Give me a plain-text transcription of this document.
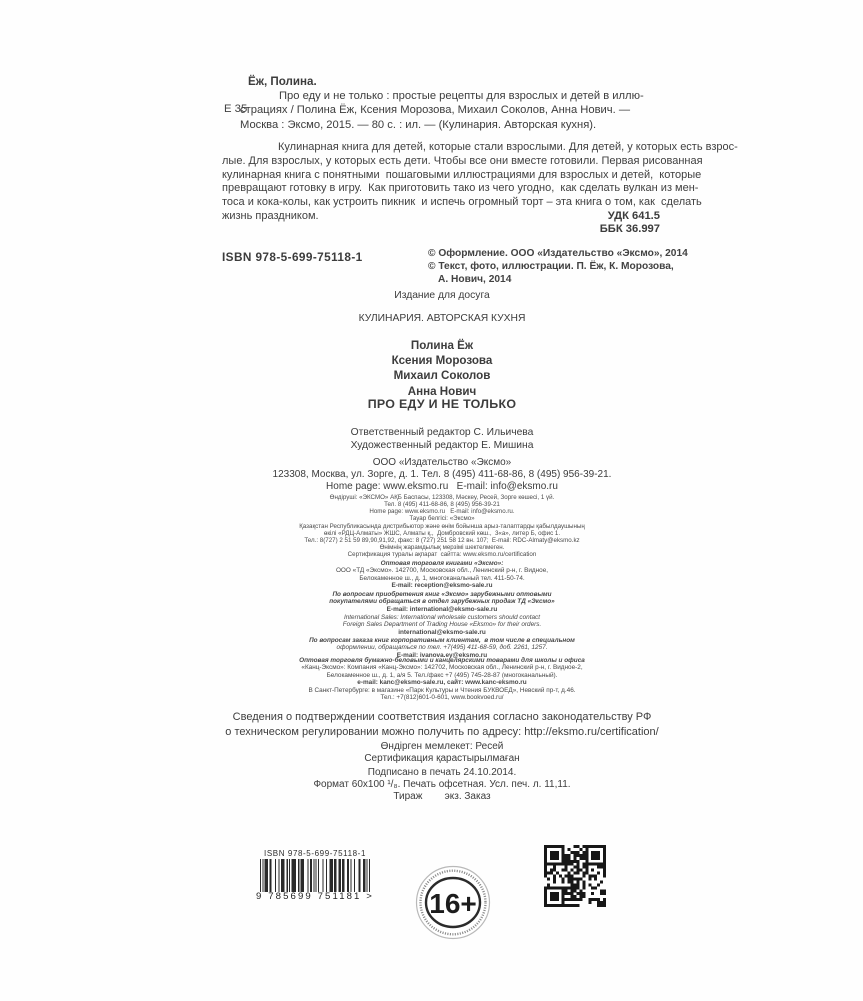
Е 35
Ёж, Полина.
Про еду и не только : простые рецепты для взрослых и детей в иллю-
страциях / Полина Ёж, Ксения Морозова, Михаил Соколов, Анна Нович. —
Москва : Эксмо, 2015. — 80 с. : ил. — (Кулинария. Авторская кухня).
Кулинарная книга для детей, которые стали взрослыми. Для детей, у которых есть взрос-
лые. Для взрослых, у которых есть дети. Чтобы все они вместе готовили. Первая рисованная
кулинарная книга с понятными  пошаговыми иллюстрациями для взрослых и детей,  которые
превращают готовку в игру.  Как приготовить тако из чего угодно,  как сделать вулкан из мен-
тоса и кока-колы, как устроить пикник  и испечь огромный торт – эта книга о том, как  сделать
жизнь праздником.	УДК 641.5
ББК 36.997
ISBN 978-5-699-75118-1	© Оформление. ООО «Издательство «Эксмо», 2014
© Текст, фото, иллюстрации. П. Ёж, К. Морозова,
А. Нович, 2014
Издание для досуга
КУЛИНАРИЯ. АВТОРСКАЯ КУХНЯ
Полина Ёж
Ксения Морозова
Михаил Соколов
Анна Нович
ПРО ЕДУ И НЕ ТОЛЬКО
Ответственный редактор С. Ильичева
Художественный редактор Е. Мишина
ООО «Издательство «Эксмо»
123308, Москва, ул. Зорге, д. 1. Тел. 8 (495) 411-68-86, 8 (495) 956-39-21.
Home page: www.eksmo.ru   E-mail: info@eksmo.ru
Өндіруші: «ЭКСМО» АҚБ Баспасы, 123308, Мәскеу, Ресей, Зорге көшесі, 1 үй.
Тел. 8 (495) 411-68-86, 8 (495) 956-39-21
Home page: www.eksmo.ru   E-mail: info@eksmo.ru.
Тауар белгісі: «Эксмо»
Қазақстан Республикасында дистрибьютор және өнім бойынша арыз-талаптарды қабылдаушының
өкілі «РДЦ-Алматы» ЖШС, Алматы қ.,  Домбровский көш.,  3«а», литер Б, офис 1.
Тел.: 8(727) 2 51 59 89,90,91,92, факс: 8 (727) 251 58 12 вн. 107;  E-mail: RDC-Almaty@eksmo.kz
Өнімнің жарамдылық мерзімі шектелмеген.
Сертификация туралы ақпарат  сайтта: www.eksmo.ru/certification
Оптовая торговля книгами «Эксмо»:
ООО «ТД «Эксмо». 142700, Московская обл., Ленинский р-н, г. Видное,
Белокаменное ш., д. 1, многоканальный тел. 411-50-74.
E-mail: reception@eksmo-sale.ru
По вопросам приобретения книг «Эксмо» зарубежными оптовыми
покупателями обращаться в отдел зарубежных продаж ТД «Эксмо»
E-mail: international@eksmo-sale.ru
International Sales: International wholesale customers should contact
Foreign Sales Department of Trading House «Eksmo» for their orders.
international@eksmo-sale.ru
По вопросам заказа книг корпоративным клиентам,  в том числе в специальном
оформлении, обращаться по тел. +7(495) 411-68-59, доб. 2261, 1257.
E-mail: ivanova.ey@eksmo.ru
Оптовая торговля бумажно-беловыми и канцелярскими товарами для школы и офиса
«Канц-Эксмо»: Компания «Канц-Эксмо»: 142702, Московская обл., Ленинский р-н, г. Видное-2,
Белокаменное ш., д. 1, а/я 5. Тел./факс +7 (495) 745-28-87 (многоканальный).
e-mail: kanc@eksmo-sale.ru, сайт: www.kanc-eksmo.ru
В Санкт-Петербурге: в магазине «Парк Культуры и Чтения БУКВОЕД», Невский пр-т, д.46.
Тел.: +7(812)601-0-601, www.bookvoed.ru/
Сведения о подтверждении соответствия издания согласно законодательству РФ
о техническом регулировании можно получить по адресу: http://eksmo.ru/certification/
Өндірген мемлекет: Ресей
Сертификация қарастырылмаған
Подписано в печать 24.10.2014.
Формат 60x100 ¹/₈. Печать офсетная. Усл. печ. л. 11,11.
Тираж        экз. Заказ
ISBN 978-5-699-75118-1
9 785699 751181 > 16+
